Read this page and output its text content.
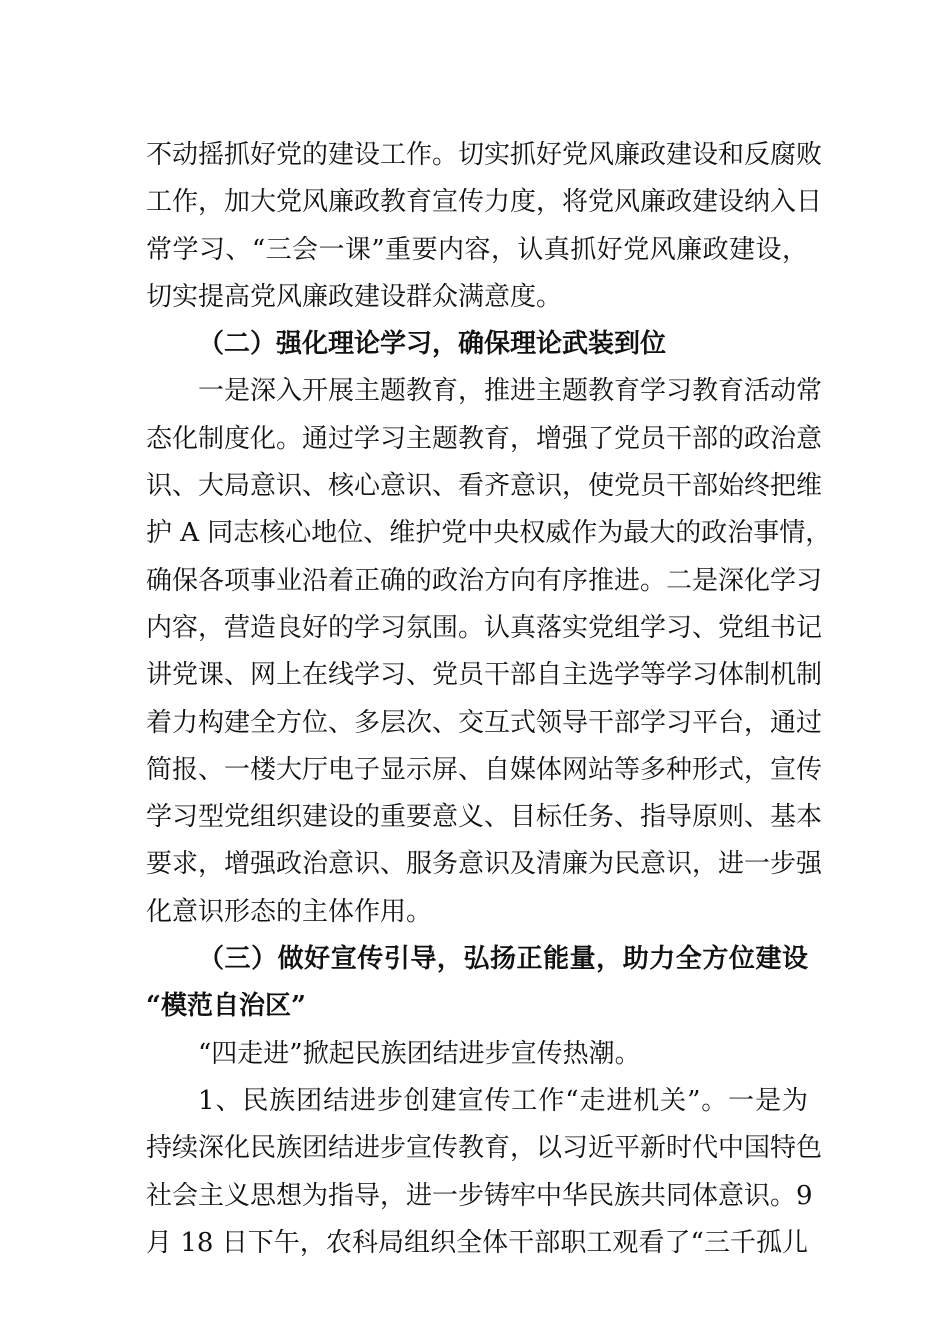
不动摇抓好党的建设工作。切实抓好党风廉政建设和反腐败
工作，加大党风廉政教育宣传力度，将党风廉政建设纳入日
常学习、“三会一课”重要内容，认真抓好党风廉政建设，
切实提高党风廉政建设群众满意度。
（二）强化理论学习，确保理论武装到位
一是深入开展主题教育，推进主题教育学习教育活动常
态化制度化。通过学习主题教育，增强了党员干部的政治意
识、大局意识、核心意识、看齐意识，使党员干部始终把维
护 A 同志核心地位、维护党中央权威作为最大的政治事情，
确保各项事业沿着正确的政治方向有序推进。二是深化学习
内容，营造良好的学习氛围。认真落实党组学习、党组书记
讲党课、网上在线学习、党员干部自主选学等学习体制机制
着力构建全方位、多层次、交互式领导干部学习平台，通过
简报、一楼大厅电子显示屏、自媒体网站等多种形式，宣传
学习型党组织建设的重要意义、目标任务、指导原则、基本
要求，增强政治意识、服务意识及清廉为民意识，进一步强
化意识形态的主体作用。
（三）做好宣传引导，弘扬正能量，助力全方位建设
“模范自治区”
“四走进”掀起民族团结进步宣传热潮。
1、民族团结进步创建宣传工作“走进机关”。一是为
持续深化民族团结进步宣传教育，以习近平新时代中国特色
社会主义思想为指导，进一步铸牢中华民族共同体意识。9
月 18 日下午，农科局组织全体干部职工观看了“三千孤儿
